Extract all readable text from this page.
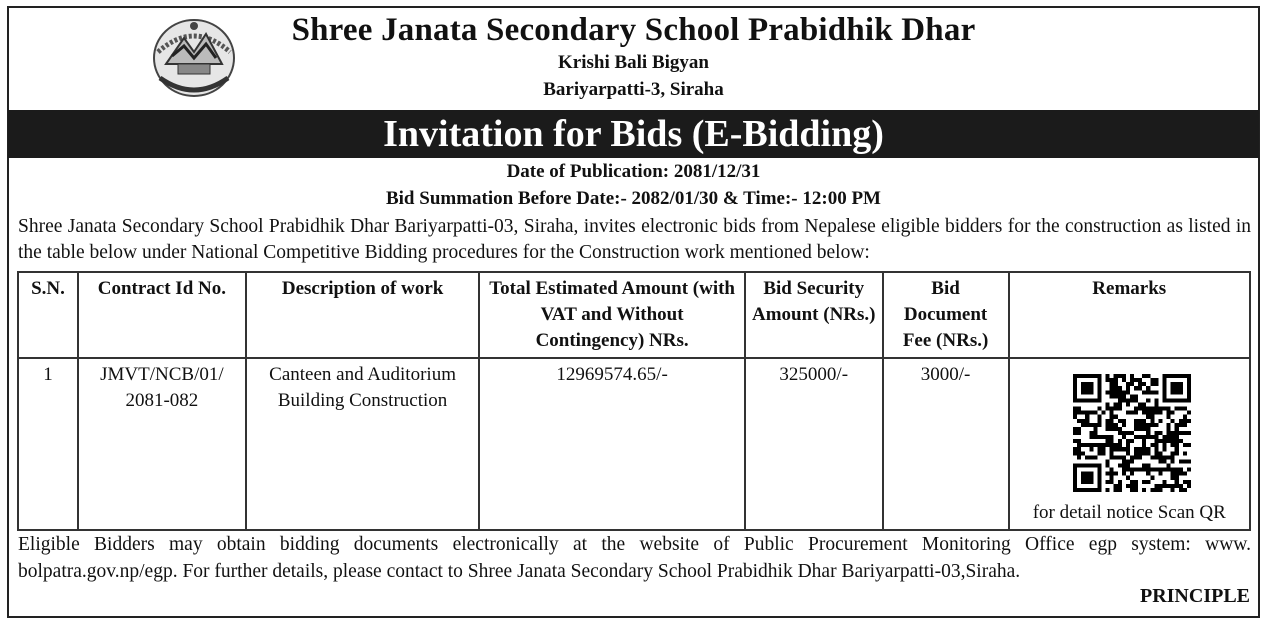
Shree Janata Secondary School Prabidhik Dhar
Krishi Bali Bigyan
Bariyarpatti-3, Siraha
Invitation for Bids (E-Bidding)
Date of Publication: 2081/12/31
Bid Summation Before Date:- 2082/01/30 & Time:- 12:00 PM
Shree Janata Secondary School Prabidhik Dhar Bariyarpatti-03, Siraha, invites electronic bids from Nepalese eligible bidders for the construction as listed in the table below under National Competitive Bidding procedures for the Construction work mentioned below:
S.N.	Contract Id No.	Description of work	Total Estimated Amount (with VAT and Without Contingency) NRs.	Bid Security Amount (NRs.)	Bid Document Fee (NRs.)	Remarks
1	JMVT/NCB/01/ 2081-082	Canteen and Auditorium Building Construction	12969574.65/-	325000/-	3000/-	for detail notice Scan QR
Eligible Bidders may obtain bidding documents electronically at the website of Public Procurement Monitoring Office egp system: www. bolpatra.gov.np/egp. For further details, please contact to Shree Janata Secondary School Prabidhik Dhar Bariyarpatti-03,Siraha.
PRINCIPLE
